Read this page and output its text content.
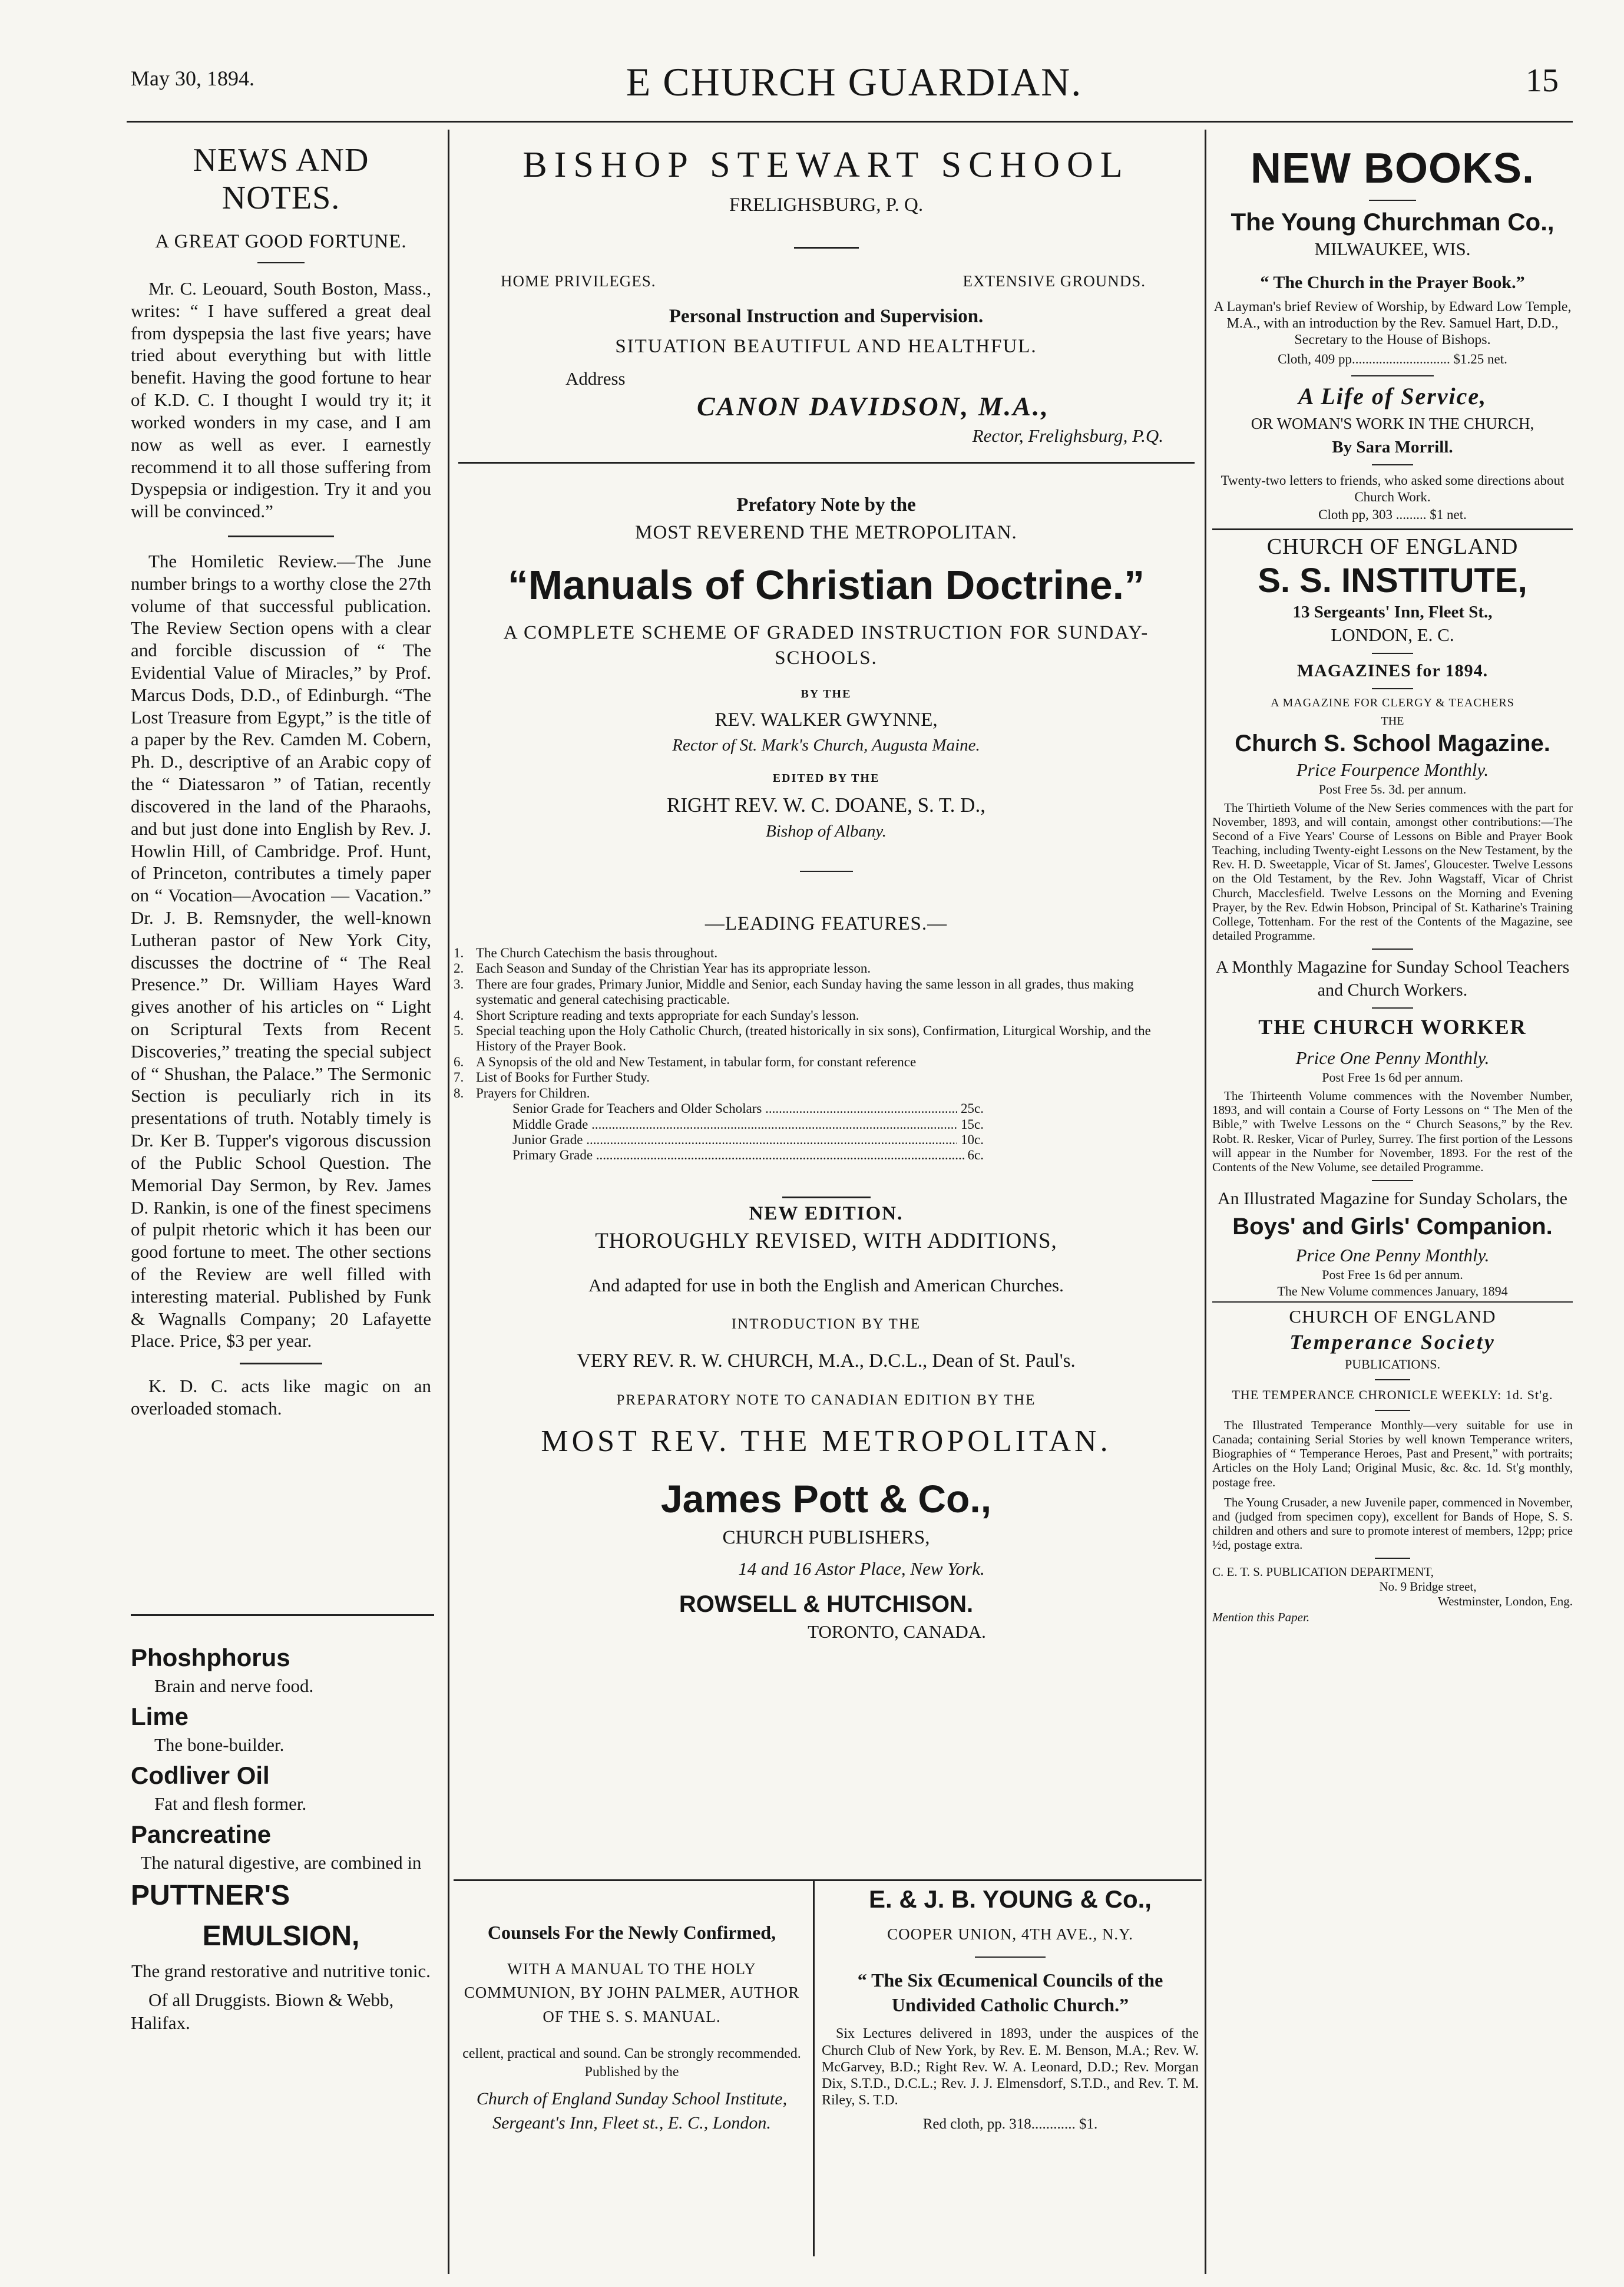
May 30, 1894.	E CHURCH GUARDIAN.	15
NEWS AND NOTES.
A GREAT GOOD FORTUNE.
Mr. C. Leouard, South Boston, Mass., writes: “ I have suffered a great deal from dyspepsia the last five years; have tried about everything but with little benefit. Having the good fortune to hear of K.D. C. I thought I would try it; it worked wonders in my case, and I am now as well as ever. I earnestly recommend it to all those suffering from Dyspepsia or indigestion. Try it and you will be convinced.”
The Homiletic Review.—The June number brings to a worthy close the 27th volume of that successful publication. The Review Section opens with a clear and forcible discussion of “ The Evidential Value of Miracles,” by Prof. Marcus Dods, D.D., of Edinburgh. “The Lost Treasure from Egypt,” is the title of a paper by the Rev. Camden M. Cobern, Ph. D., descriptive of an Arabic copy of the “ Diatessaron ” of Tatian, recently discovered in the land of the Pharaohs, and but just done into English by Rev. J. Howlin Hill, of Cambridge. Prof. Hunt, of Princeton, contributes a timely paper on “ Vocation—Avocation — Vacation.” Dr. J. B. Remsnyder, the well-known Lutheran pastor of New York City, discusses the doctrine of “ The Real Presence.” Dr. William Hayes Ward gives another of his articles on “ Light on Scriptural Texts from Recent Discoveries,” treating the special subject of “ Shushan, the Palace.” The Sermonic Section is peculiarly rich in its presentations of truth. Notably timely is Dr. Ker B. Tupper's vigorous discussion of the Public School Question. The Memorial Day Sermon, by Rev. James D. Rankin, is one of the finest specimens of pulpit rhetoric which it has been our good fortune to meet. The other sections of the Review are well filled with interesting material. Published by Funk & Wagnalls Company; 20 Lafayette Place. Price, $3 per year.
K. D. C. acts like magic on an overloaded stomach.
Phoshphorus

Brain and nerve food.

Lime

The bone-builder.

Codliver Oil

Fat and flesh former.

Pancreatine

The natural digestive, are combined in

PUTTNER'S
EMULSION,
The grand restorative and nutritive tonic.
Of all Druggists. Biown & Webb, Halifax.
BISHOP STEWART SCHOOL
FRELIGHSBURG, P. Q.
HOME PRIVILEGES.	EXTENSIVE GROUNDS.
Personal Instruction and Supervision.
SITUATION BEAUTIFUL AND HEALTHFUL.
Address
CANON DAVIDSON, M.A.,
Rector, Frelighsburg, P.Q.
Prefatory Note by the
MOST REVEREND THE METROPOLITAN.
“Manuals of Christian Doctrine.”
A COMPLETE SCHEME OF GRADED INSTRUCTION FOR SUNDAY-SCHOOLS.
BY THE
REV. WALKER GWYNNE,
Rector of St. Mark's Church, Augusta Maine.
EDITED BY THE
RIGHT REV. W. C. DOANE, S. T. D.,
Bishop of Albany.
—LEADING FEATURES.—
1. The Church Catechism the basis throughout.
2. Each Season and Sunday of the Christian Year has its appropriate lesson.
3. There are four grades, Primary Junior, Middle and Senior, each Sunday having the same lesson in all grades, thus making systematic and general catechising practicable.
4. Short Scripture reading and texts appropriate for each Sunday's lesson.
5. Special teaching upon the Holy Catholic Church, (treated historically in six sons), Confirmation, Liturgical Worship, and the History of the Prayer Book.
6. A Synopsis of the old and New Testament, in tabular form, for constant reference
7. List of Books for Further Study.
8. Prayers for Children.
Senior Grade for Teachers and Older Scholars .....	25c.
Middle Grade .....	15c.
Junior Grade .....	10c.
Primary Grade .....	6c.
NEW EDITION.
THOROUGHLY REVISED, WITH ADDITIONS,
And adapted for use in both the English and American Churches.
INTRODUCTION BY THE
VERY REV. R. W. CHURCH, M.A., D.C.L., Dean of St. Paul's.
PREPARATORY NOTE TO CANADIAN EDITION BY THE
MOST REV. THE METROPOLITAN.
James Pott & Co.,
CHURCH PUBLISHERS,
14 and 16 Astor Place, New York.
ROWSELL & HUTCHISON.
TORONTO, CANADA.
Counsels For the Newly Confirmed,
WITH A MANUAL TO THE HOLY COMMUNION, BY JOHN PALMER, AUTHOR OF THE S. S. MANUAL.
cellent, practical and sound. Can be strongly recommended.
Published by the
Church of England Sunday School Institute, Sergeant's Inn, Fleet st., E. C., London.
E. & J. B. YOUNG & Co.,
COOPER UNION, 4TH AVE., N.Y.
“ The Six Œcumenical Councils of the Undivided Catholic Church.”
Six Lectures delivered in 1893, under the auspices of the Church Club of New York, by Rev. E. M. Benson, M.A.; Rev. W. McGarvey, B.D.; Right Rev. W. A. Leonard, D.D.; Rev. Morgan Dix, S.T.D., D.C.L.; Rev. J. J. Elmensdorf, S.T.D., and Rev. T. M. Riley, S. T.D.
Red cloth, pp. 318............ $1.
NEW BOOKS.
The Young Churchman Co.,
MILWAUKEE, WIS.
“ The Church in the Prayer Book.”
A Layman's brief Review of Worship, by Edward Low Temple, M.A., with an introduction by the Rev. Samuel Hart, D.D., Secretary to the House of Bishops.
Cloth, 409 pp............................. $1.25 net.
A Life of Service,
OR WOMAN'S WORK IN THE CHURCH,
By Sara Morrill.
Twenty-two letters to friends, who asked some directions about Church Work.
Cloth pp, 303 ......... $1 net.
CHURCH OF ENGLAND
S. S. INSTITUTE,
13 Sergeants' Inn, Fleet St.,
LONDON, E. C.
MAGAZINES for 1894.
A MAGAZINE FOR CLERGY & TEACHERS
THE
Church S. School Magazine.
Price Fourpence Monthly.
Post Free 5s. 3d. per annum.
The Thirtieth Volume of the New Series commences with the part for November, 1893, and will contain, amongst other contributions:—The Second of a Five Years' Course of Lessons on Bible and Prayer Book Teaching, including Twenty-eight Lessons on the New Testament, by the Rev. H. D. Sweetapple, Vicar of St. James', Gloucester. Twelve Lessons on the Old Testament, by the Rev. John Wagstaff, Vicar of Christ Church, Macclesfield. Twelve Lessons on the Morning and Evening Prayer, by the Rev. Edwin Hobson, Principal of St. Katharine's Training College, Tottenham. For the rest of the Contents of the Magazine, see detailed Programme.
A Monthly Magazine for Sunday School Teachers and Church Workers.
THE CHURCH WORKER
Price One Penny Monthly.
Post Free 1s 6d per annum.
The Thirteenth Volume commences with the November Number, 1893, and will contain a Course of Forty Lessons on “ The Men of the Bible,” with Twelve Lessons on the “ Church Seasons,” by the Rev. Robt. R. Resker, Vicar of Purley, Surrey. The first portion of the Lessons will appear in the Number for November, 1893. For the rest of the Contents of the New Volume, see detailed Programme.
An Illustrated Magazine for Sunday Scholars, the
Boys' and Girls' Companion.
Price One Penny Monthly.
Post Free 1s 6d per annum.
The New Volume commences January, 1894
CHURCH OF ENGLAND
Temperance Society
PUBLICATIONS.
THE TEMPERANCE CHRONICLE WEEKLY: 1d. St'g.
The Illustrated Temperance Monthly—very suitable for use in Canada; containing Serial Stories by well known Temperance writers, Biographies of “ Temperance Heroes, Past and Present,” with portraits; Articles on the Holy Land; Original Music, &c. &c. 1d. St'g monthly, postage free.
The Young Crusader, a new Juvenile paper, commenced in November, and (judged from specimen copy), excellent for Bands of Hope, S. S. children and others and sure to promote interest of members, 12pp; price ½d, postage extra.
C. E. T. S. PUBLICATION DEPARTMENT,
No. 9 Bridge street,
Westminster, London, Eng.
Mention this Paper.
